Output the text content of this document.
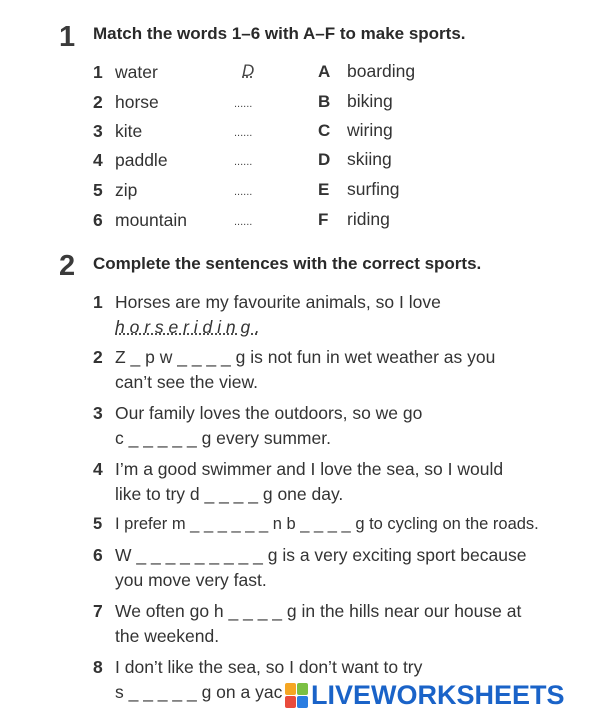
1 Match the words 1–6 with A–F to make sports.
1 water	D	A boarding
2 horse	......	B biking
3 kite	......	C wiring
4 paddle	......	D skiing
5 zip	......	E surfing
6 mountain	......	F riding
2 Complete the sentences with the correct sports.
1 Horses are my favourite animals, so I love
h o r s e r i d i n g .
2 Z _ p w _ _ _ _ g is not fun in wet weather as you
can’t see the view.
3 Our family loves the outdoors, so we go
c _ _ _ _ _ g every summer.
4 I’m a good swimmer and I love the sea, so I would
like to try d _ _ _ _ g one day.
5 I prefer m _ _ _ _ _ _ n b _ _ _ _ g to cycling on the roads.
6 W _ _ _ _ _ _ _ _ _ g is a very exciting sport because
you move very fast.
7 We often go h _ _ _ _ g in the hills near our house at
the weekend.
8 I don’t like the sea, so I don’t want to try
s _ _ _ _ _ g on a yac	LIVEWORKSHEETS
